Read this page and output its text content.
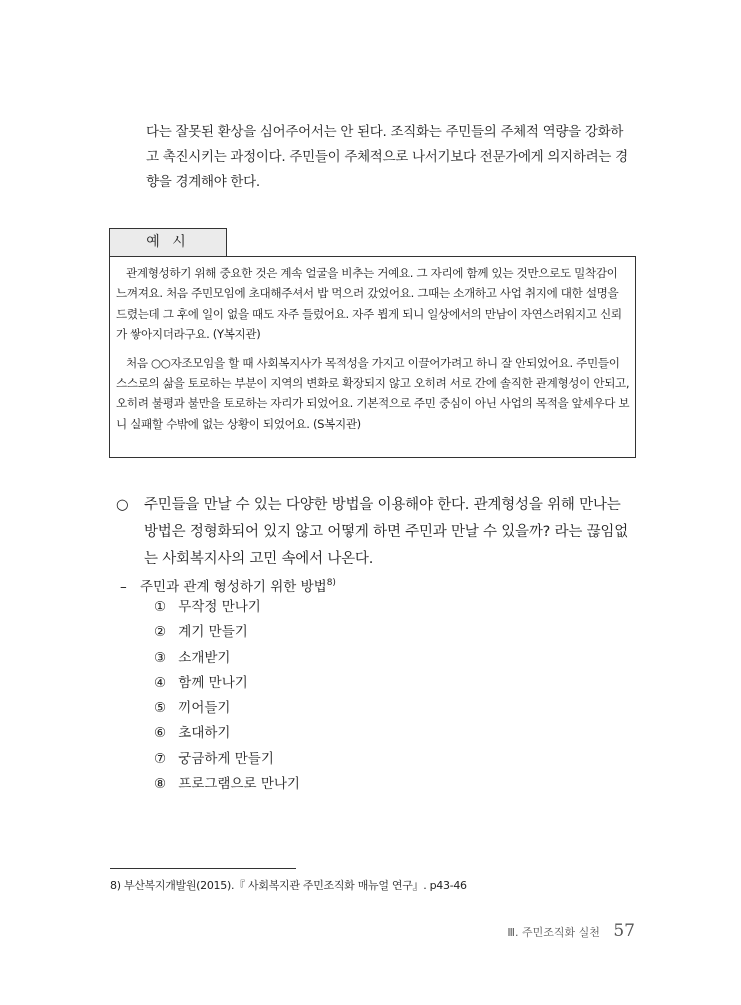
다는 잘못된 환상을 심어주어서는 안 된다. 조직화는 주민들의 주체적 역량을 강화하

고 촉진시키는 과정이다. 주민들이 주체적으로 나서기보다 전문가에게 의지하려는 경

향을 경계해야 한다.

예 시

관계형성하기 위해 중요한 것은 계속 얼굴을 비추는 거예요. 그 자리에 함께 있는 것만으로도 밀착감이 느껴져요. 처음 주민모임에 초대해주셔서 밥 먹으러 갔었어요. 그때는 소개하고 사업 취지에 대한 설명을 드렸는데 그 후에 일이 없을 때도 자주 들렀어요. 자주 뵙게 되니 일상에서의 만남이 자연스러워지고 신뢰가 쌓아지더라구요. (Y복지관)

처음 ○○자조모임을 할 때 사회복지사가 목적성을 가지고 이끌어가려고 하니 잘 안되었어요. 주민들이 스스로의 삶을 토로하는 부분이 지역의 변화로 확장되지 않고 오히려 서로 간에 솔직한 관계형성이 안되고, 오히려 불평과 불만을 토로하는 자리가 되었어요. 기본적으로 주민 중심이 아닌 사업의 목적을 앞세우다 보니 실패할 수밖에 없는 상황이 되었어요. (S복지관)

○	주민들을 만날 수 있는 다양한 방법을 이용해야 한다. 관계형성을 위해 만나는 방법은 정형화되어 있지 않고 어떻게 하면 주민과 만날 수 있을까? 라는 끊임없는 사회복지사의 고민 속에서 나온다.
– 주민과 관계 형성하기 위한 방법$^{8)}$
① 무작정 만나기
② 계기 만들기
③ 소개받기
④ 함께 만나기
⑤ 끼어들기
⑥ 초대하기
⑦ 궁금하게 만들기
⑧ 프로그램으로 만나기
8) 부산복지개발원(2015).『 사회복지관 주민조직화 매뉴얼 연구』. p43-46
Ⅲ. 주민조직화 실천 57
